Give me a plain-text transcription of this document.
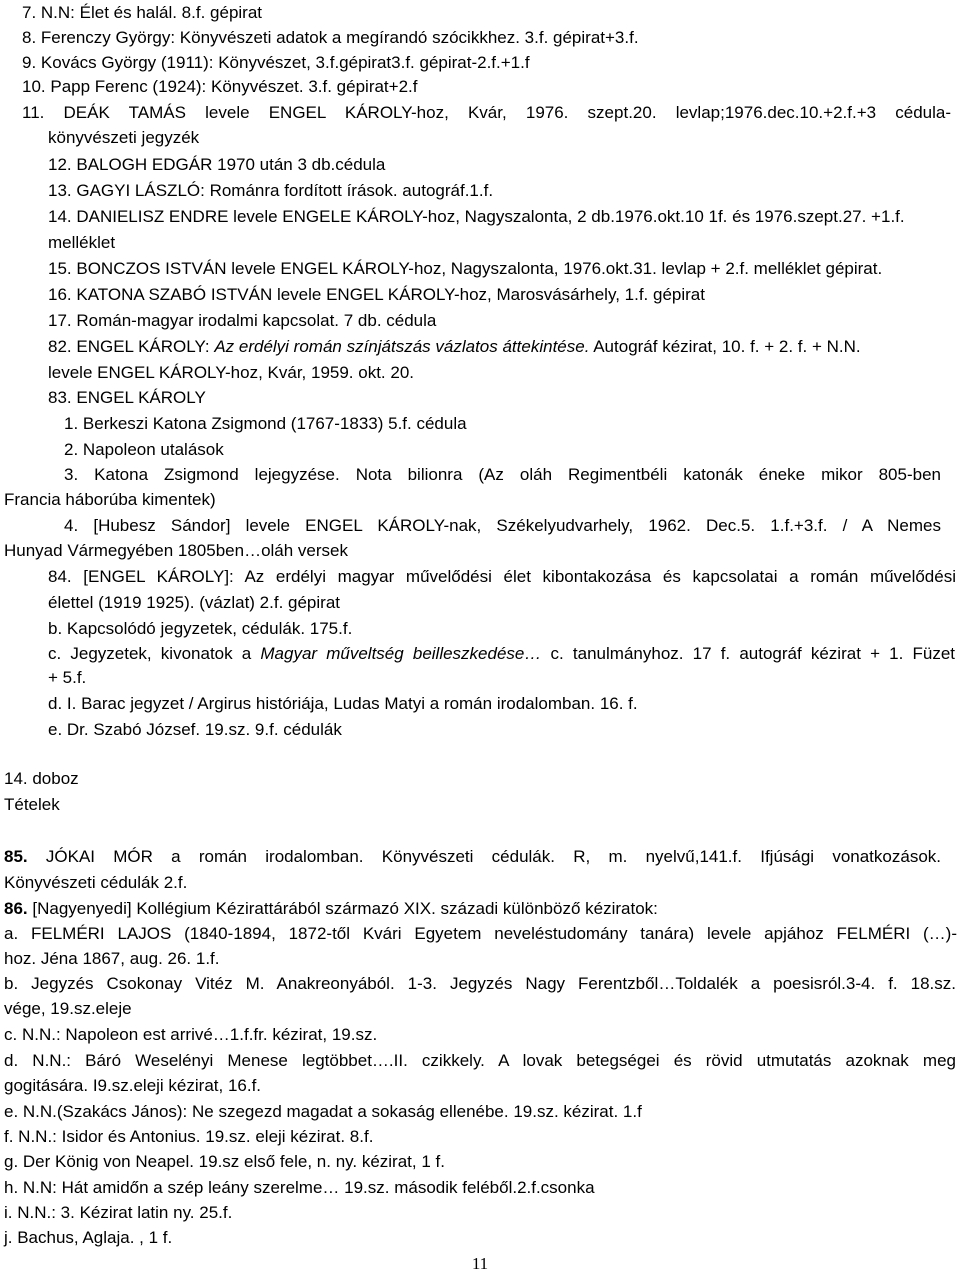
7. N.N: Élet és halál. 8.f. gépirat
8. Ferenczy György: Könyvészeti adatok a megírandó szócikkhez. 3.f. gépirat+3.f.
9. Kovács György (1911): Könyvészet, 3.f.gépirat3.f. gépirat-2.f.+1.f
10. Papp Ferenc (1924): Könyvészet. 3.f. gépirat+2.f
11. DEÁK TAMÁS levele ENGEL KÁROLY-hoz, Kvár, 1976. szept.20. levlap;1976.dec.10.+2.f.+3 cédula-
könyvészeti jegyzék
12. BALOGH EDGÁR 1970 után 3 db.cédula
13. GAGYI LÁSZLÓ: Románra fordított írások. autográf.1.f.
14. DANIELISZ ENDRE levele ENGELE KÁROLY-hoz, Nagyszalonta, 2 db.1976.okt.10 1f. és 1976.szept.27. +1.f.
melléklet
15. BONCZOS ISTVÁN levele ENGEL KÁROLY-hoz, Nagyszalonta, 1976.okt.31. levlap + 2.f. melléklet gépirat.
16. KATONA SZABÓ ISTVÁN levele ENGEL KÁROLY-hoz, Marosvásárhely, 1.f. gépirat
17. Román-magyar irodalmi kapcsolat. 7 db. cédula
82. ENGEL KÁROLY: Az erdélyi román színjátszás vázlatos áttekintése. Autográf kézirat, 10. f. + 2. f. + N.N.
levele ENGEL KÁROLY-hoz, Kvár, 1959. okt. 20.
83. ENGEL KÁROLY
1. Berkeszi Katona Zsigmond (1767-1833) 5.f. cédula
2. Napoleon utalások
3. Katona Zsigmond lejegyzése. Nota bilionra (Az oláh Regimentbéli katonák éneke mikor 805-ben
Francia háborúba kimentek)
4. [Hubesz Sándor] levele ENGEL KÁROLY-nak, Székelyudvarhely, 1962. Dec.5. 1.f.+3.f. / A Nemes
Hunyad Vármegyében 1805ben…oláh versek
84. [ENGEL KÁROLY]: Az erdélyi magyar művelődési élet kibontakozása és kapcsolatai a román művelődési
élettel (1919 1925). (vázlat) 2.f. gépirat
b. Kapcsolódó jegyzetek, cédulák. 175.f.
c. Jegyzetek, kivonatok a Magyar műveltség beilleszkedése… c. tanulmányhoz. 17 f. autográf kézirat + 1. Füzet
+ 5.f.
d. I. Barac jegyzet / Argirus históriája, Ludas Matyi a román irodalomban. 16. f.
e. Dr. Szabó József. 19.sz. 9.f. cédulák
14. doboz
Tételek
85. JÓKAI MÓR a román irodalomban. Könyvészeti cédulák. R, m. nyelvű,141.f. Ifjúsági vonatkozások.
Könyvészeti cédulák 2.f.
86. [Nagyenyedi] Kollégium Kézirattárából származó XIX. századi különböző kéziratok:
a. FELMÉRI LAJOS (1840-1894, 1872-től Kvári Egyetem neveléstudomány tanára) levele apjához FELMÉRI (…)-
hoz. Jéna 1867, aug. 26. 1.f.
b. Jegyzés Csokonay Vitéz M. Anakreonyából. 1-3. Jegyzés Nagy Ferentzből…Toldalék a poesisról.3-4. f. 18.sz.
vége, 19.sz.eleje
c. N.N.: Napoleon est arrivé…1.f.fr. kézirat, 19.sz.
d. N.N.: Báró Weselényi Menese legtöbbet….II. czikkely. A lovak betegségei és rövid utmutatás azoknak meg
gogitására. I9.sz.eleji kézirat, 16.f.
e. N.N.(Szakács János): Ne szegezd magadat a sokaság ellenébe. 19.sz. kézirat. 1.f
f. N.N.: Isidor és Antonius. 19.sz. eleji kézirat. 8.f.
g. Der König von Neapel. 19.sz első fele, n. ny. kézirat, 1 f.
h. N.N: Hát amidőn a szép leány szerelme… 19.sz. második feléből.2.f.csonka
i. N.N.: 3. Kézirat latin ny. 25.f.
j. Bachus, Aglaja. , 1 f.
11
